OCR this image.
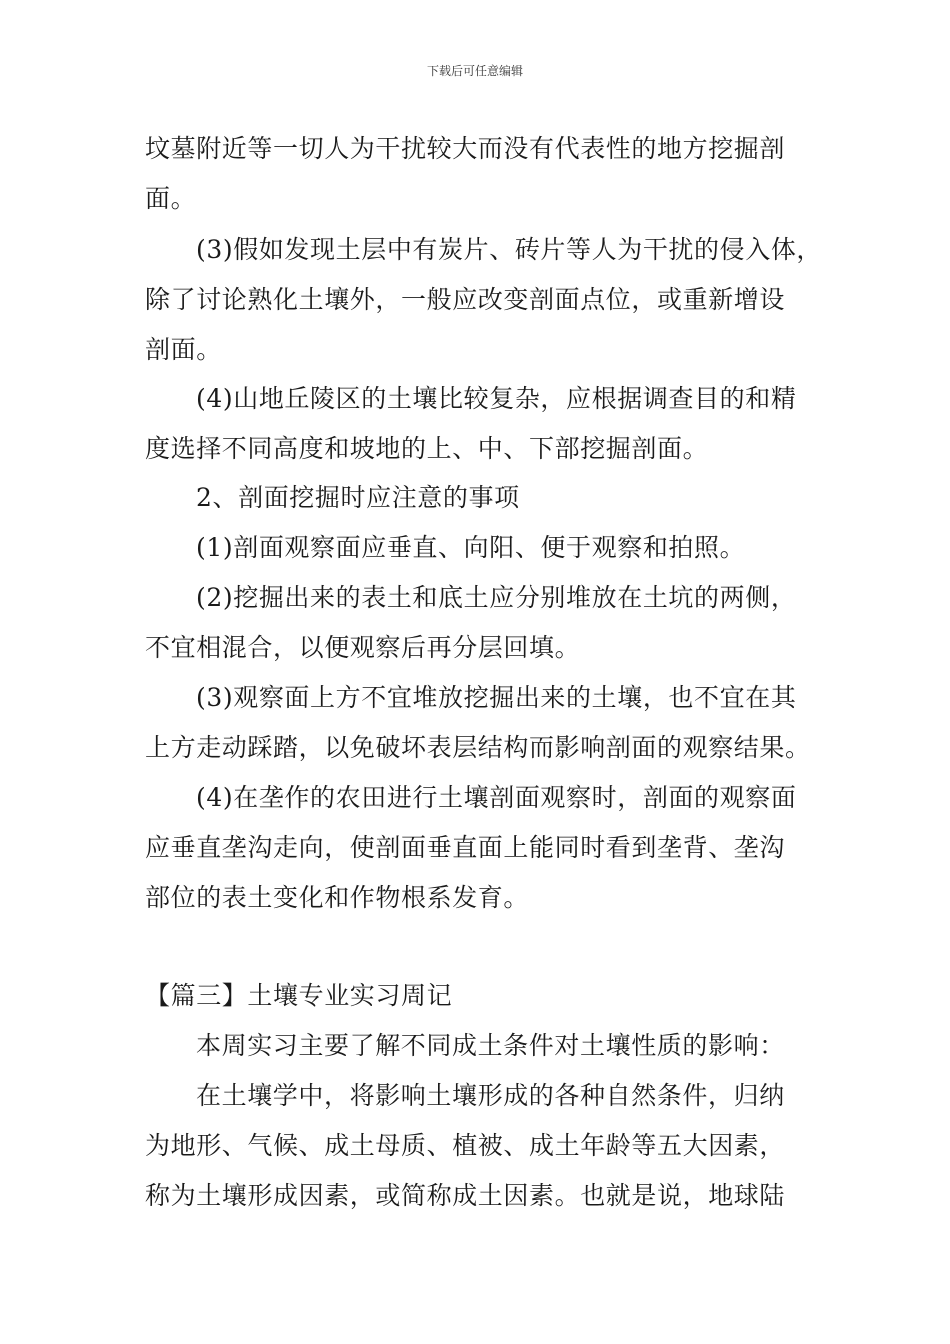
下载后可任意编辑
坟墓附近等一切人为干扰较大而没有代表性的地方挖掘剖
面。
(3)假如发现土层中有炭片、砖片等人为干扰的侵入体，
除了讨论熟化土壤外，一般应改变剖面点位，或重新增设
剖面。
(4)山地丘陵区的土壤比较复杂，应根据调查目的和精
度选择不同高度和坡地的上、中、下部挖掘剖面。
2、剖面挖掘时应注意的事项
(1)剖面观察面应垂直、向阳、便于观察和拍照。
(2)挖掘出来的表土和底土应分别堆放在土坑的两侧，
不宜相混合，以便观察后再分层回填。
(3)观察面上方不宜堆放挖掘出来的土壤，也不宜在其
上方走动踩踏，以免破坏表层结构而影响剖面的观察结果。
(4)在垄作的农田进行土壤剖面观察时，剖面的观察面
应垂直垄沟走向，使剖面垂直面上能同时看到垄背、垄沟
部位的表土变化和作物根系发育。
【篇三】土壤专业实习周记
本周实习主要了解不同成土条件对土壤性质的影响：
在土壤学中，将影响土壤形成的各种自然条件，归纳
为地形、气候、成土母质、植被、成土年龄等五大因素，
称为土壤形成因素，或简称成土因素。也就是说，地球陆
